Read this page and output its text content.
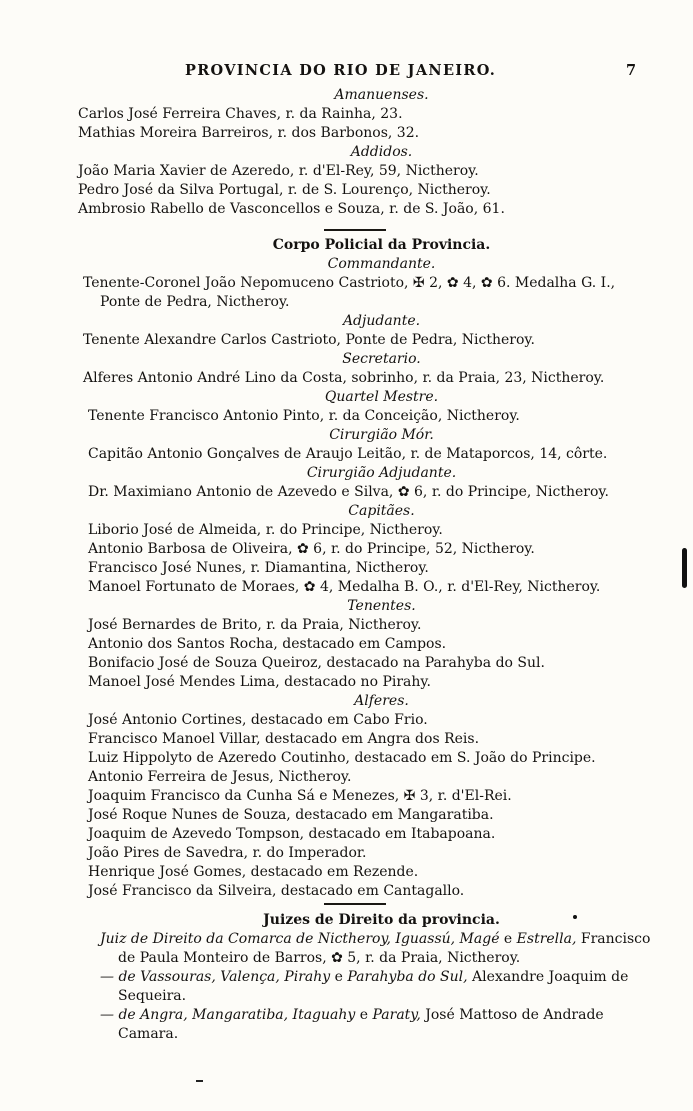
PROVINCIA DO RIO DE JANEIRO.	7
Amanuenses.
Carlos José Ferreira Chaves, r. da Rainha, 23.
Mathias Moreira Barreiros, r. dos Barbonos, 32.
Addidos.
João Maria Xavier de Azeredo, r. d'El-Rey, 59, Nictheroy.
Pedro José da Silva Portugal, r. de S. Lourenço, Nictheroy.
Ambrosio Rabello de Vasconcellos e Souza, r. de S. João, 61.
Corpo Policial da Provincia.
Commandante.
Tenente-Coronel João Nepomuceno Castrioto, ✠ 2, ✿ 4, ✿ 6. Medalha G. I.,
Ponte de Pedra, Nictheroy.
Adjudante.
Tenente Alexandre Carlos Castrioto, Ponte de Pedra, Nictheroy.
Secretario.
Alferes Antonio André Lino da Costa, sobrinho, r. da Praia, 23, Nictheroy.
Quartel Mestre.
Tenente Francisco Antonio Pinto, r. da Conceição, Nictheroy.
Cirurgião Mór.
Capitão Antonio Gonçalves de Araujo Leitão, r. de Mataporcos, 14, côrte.
Cirurgião Adjudante.
Dr. Maximiano Antonio de Azevedo e Silva, ✿ 6, r. do Principe, Nictheroy.
Capitães.
Liborio José de Almeida, r. do Principe, Nictheroy.
Antonio Barbosa de Oliveira, ✿ 6, r. do Principe, 52, Nictheroy.
Francisco José Nunes, r. Diamantina, Nictheroy.
Manoel Fortunato de Moraes, ✿ 4, Medalha B. O., r. d'El-Rey, Nictheroy.
Tenentes.
José Bernardes de Brito, r. da Praia, Nictheroy.
Antonio dos Santos Rocha, destacado em Campos.
Bonifacio José de Souza Queiroz, destacado na Parahyba do Sul.
Manoel José Mendes Lima, destacado no Pirahy.
Alferes.
José Antonio Cortines, destacado em Cabo Frio.
Francisco Manoel Villar, destacado em Angra dos Reis.
Luiz Hippolyto de Azeredo Coutinho, destacado em S. João do Principe.
Antonio Ferreira de Jesus, Nictheroy.
Joaquim Francisco da Cunha Sá e Menezes, ✠ 3, r. d'El-Rei.
José Roque Nunes de Souza, destacado em Mangaratiba.
Joaquim de Azevedo Tompson, destacado em Itabapoana.
João Pires de Savedra, r. do Imperador.
Henrique José Gomes, destacado em Rezende.
José Francisco da Silveira, destacado em Cantagallo.
Juizes de Direito da provincia.
Juiz de Direito da Comarca de Nictheroy, Iguassú, Magé e Estrella, Francisco
de Paula Monteiro de Barros, ✿ 5, r. da Praia, Nictheroy.
— de Vassouras, Valença, Pirahy e Parahyba do Sul, Alexandre Joaquim de
Sequeira.
— de Angra, Mangaratiba, Itaguahy e Paraty, José Mattoso de Andrade
Camara.
